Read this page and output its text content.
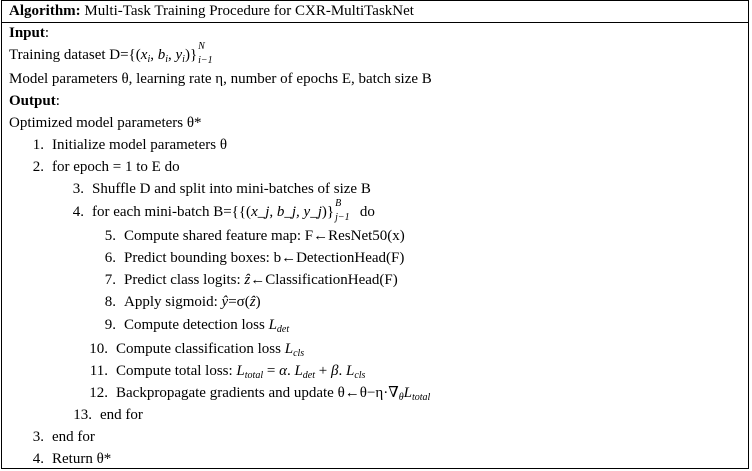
Algorithm: Multi-Task Training Procedure for CXR-MultiTaskNet
Input:
Training dataset $D=\{(x_i$, $b_i$, $y_i$)}
N
i−1
Model parameters θ, learning rate η, number of epochs E, batch size B
Output:
Optimized model parameters θ*
1. Initialize model parameters θ
2. for epoch = 1 to E do
3. Shuffle D and split into mini-batches of size B
4. for each mini-batch B={{(x_j, b_j, y_j)}
B
j−1 do
5. Compute shared feature map: F←ResNet50(x)
6. Predict bounding boxes: b←DetectionHead(F)
7. Predict class logits: ẑ←ClassificationHead(F)
8. Apply sigmoid: ŷ=σ(ẑ)
9. Compute detection loss $L_{det}$
10. Compute classification loss $L_{cls}$
11. Compute total loss: $L_{total} = \alpha$. $L_{det} + \beta$. $L_{cls}$
12. Backpropagate gradients and update $\theta\leftarrow\theta-\eta\cdot\nabla_\theta L_{total}$
13. end for
3. end for
4. Return θ*
